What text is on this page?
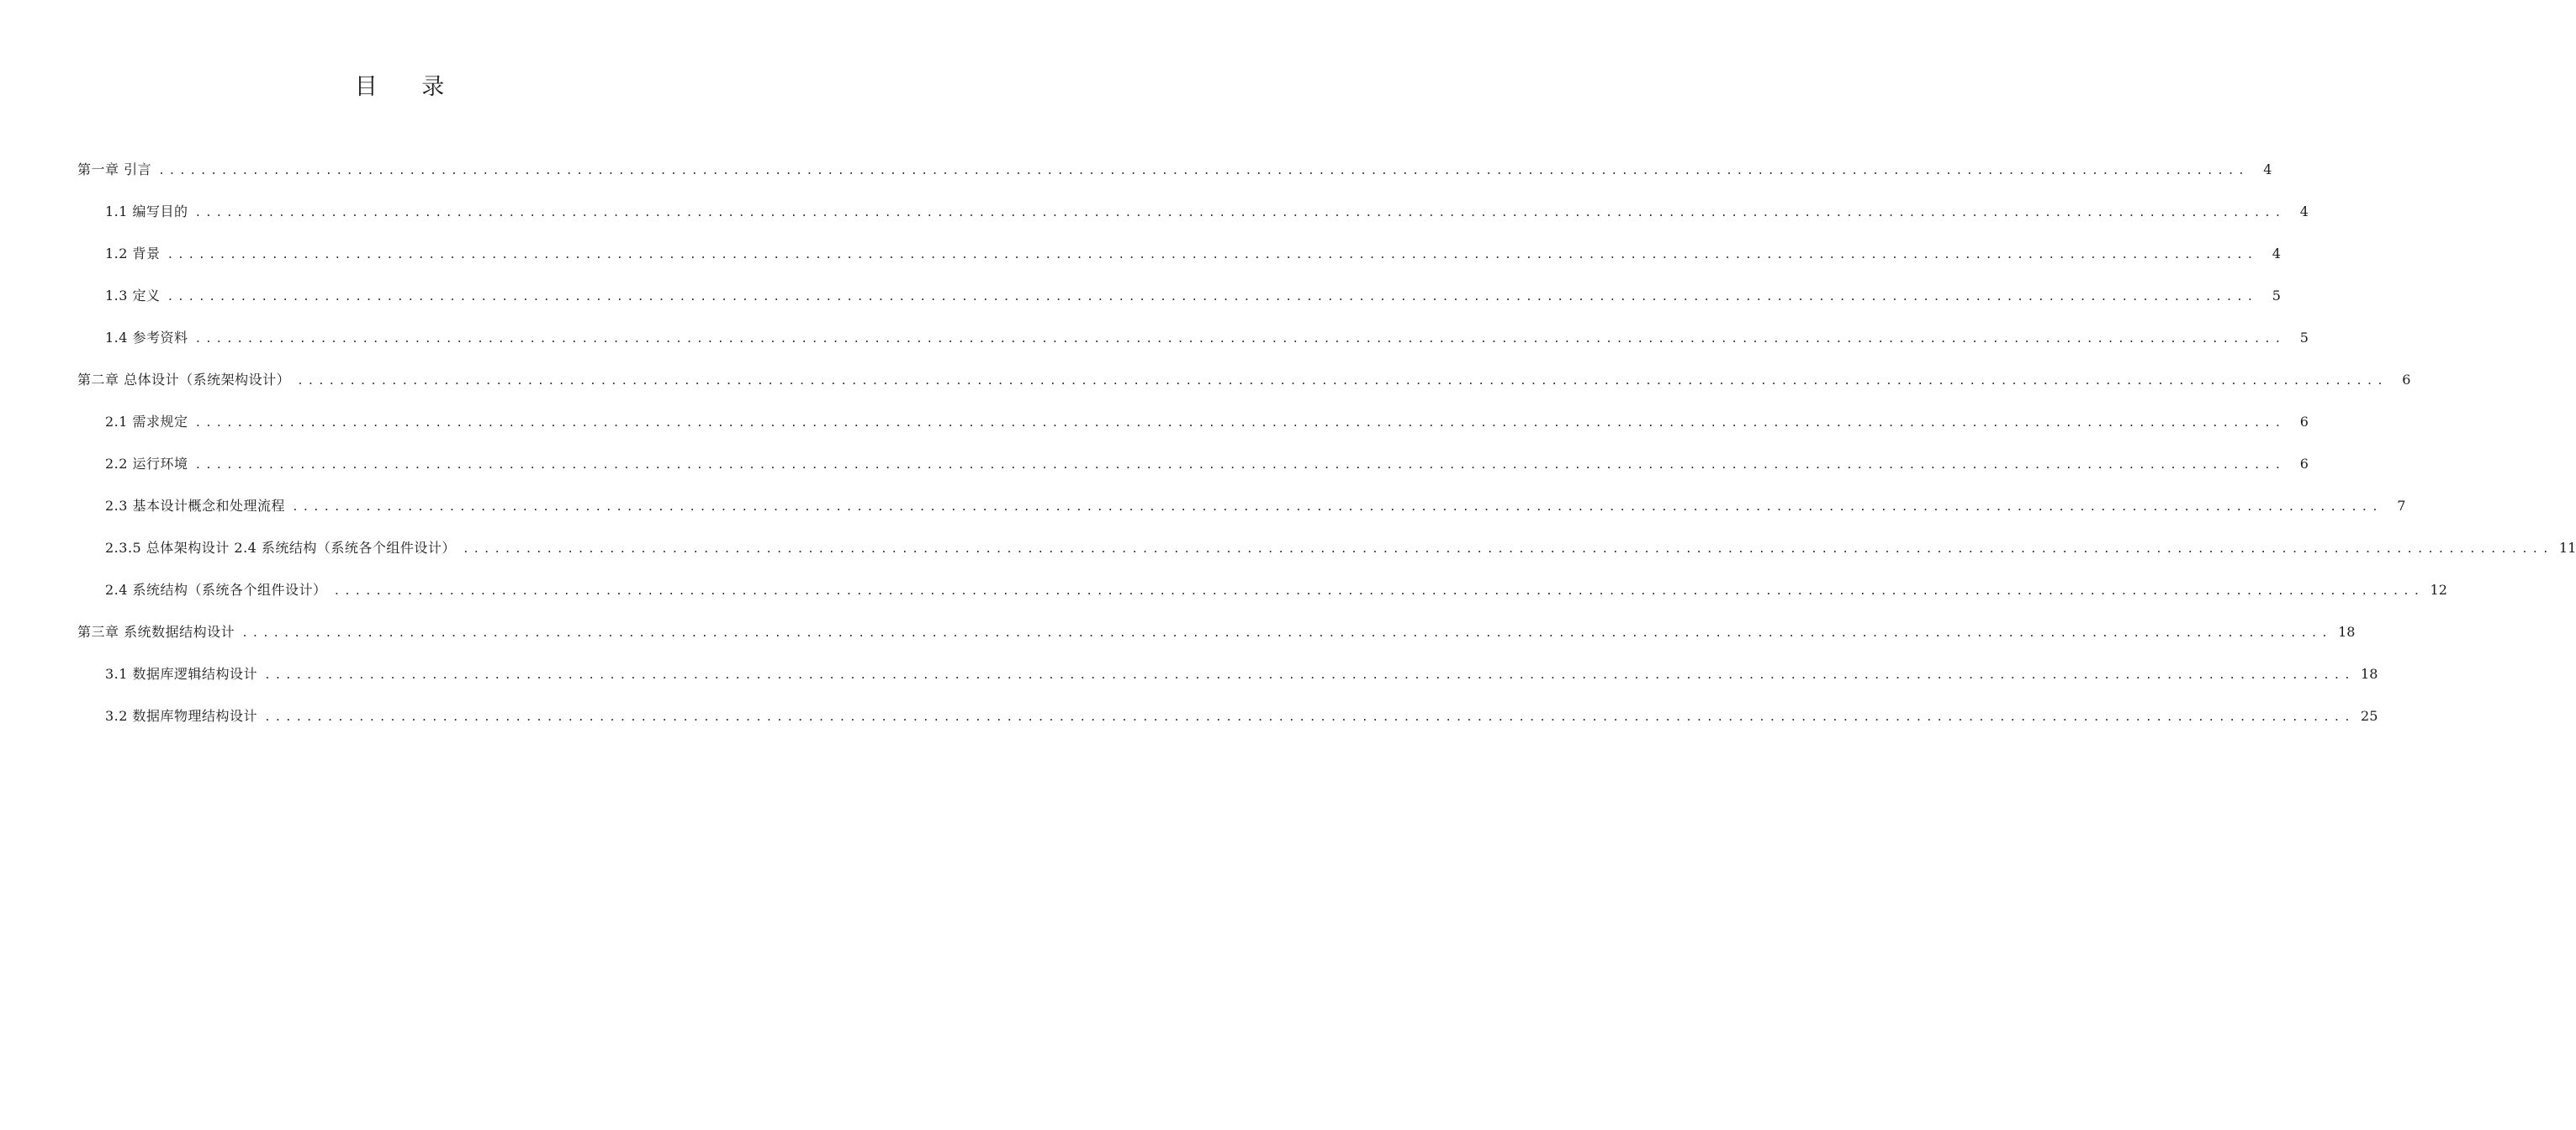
目 录
第一章 引言 ........................................................................................................................................................................................................	4
1.1 编写目的 ........................................................................................................................................................................................................	4
1.2 背景 ........................................................................................................................................................................................................	4
1.3 定义 ........................................................................................................................................................................................................	5
1.4 参考资料 ........................................................................................................................................................................................................	5
第二章 总体设计（系统架构设计） ........................................................................................................................................................................................................	6
2.1 需求规定 ........................................................................................................................................................................................................	6
2.2 运行环境 ........................................................................................................................................................................................................	6
2.3 基本设计概念和处理流程 ........................................................................................................................................................................................................	7
2.3.5 总体架构设计 2.4 系统结构（系统各个组件设计） ........................................................................................................................................................................................................ 11
2.4 系统结构（系统各个组件设计） ........................................................................................................................................................................................................ 12
第三章 系统数据结构设计 ........................................................................................................................................................................................................ 18
3.1 数据库逻辑结构设计 ........................................................................................................................................................................................................ 18
3.2 数据库物理结构设计 ........................................................................................................................................................................................................ 25
